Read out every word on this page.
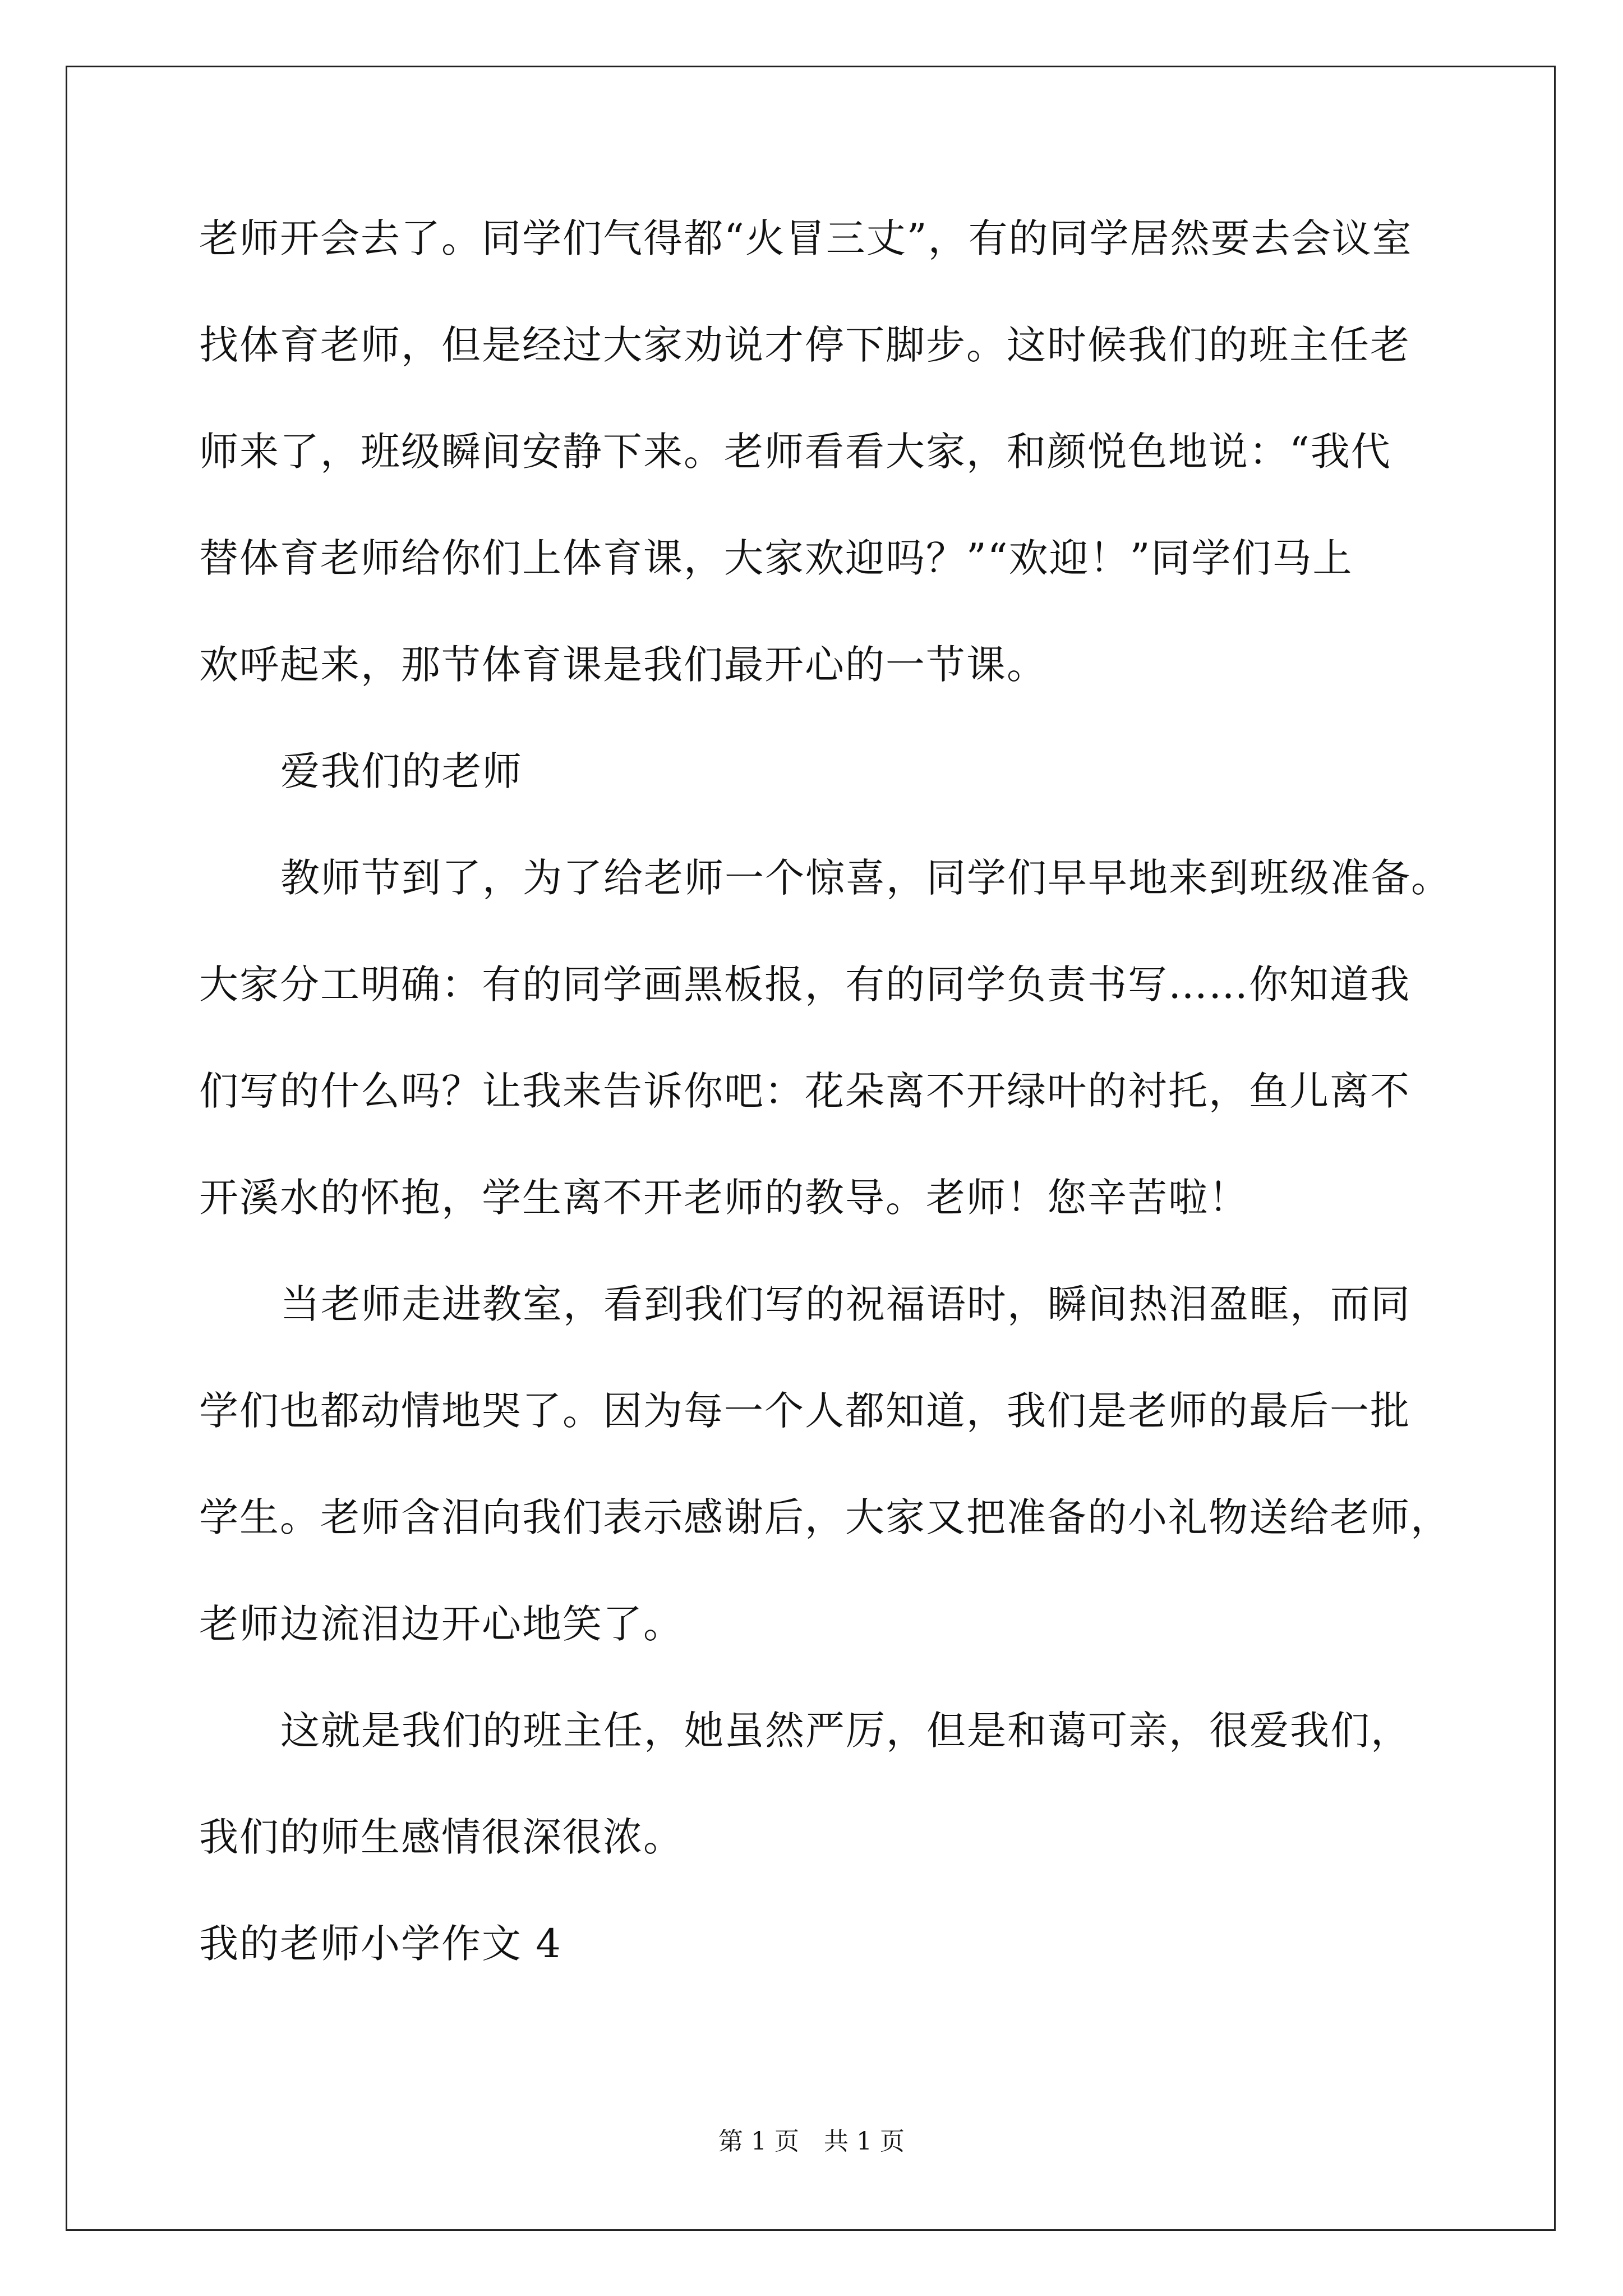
老师开会去了。同学们气得都“火冒三丈”，有的同学居然要去会议室
找体育老师，但是经过大家劝说才停下脚步。这时候我们的班主任老
师来了，班级瞬间安静下来。老师看看大家，和颜悦色地说：“我代
替体育老师给你们上体育课，大家欢迎吗？”“欢迎！”同学们马上
欢呼起来，那节体育课是我们最开心的一节课。
爱我们的老师
教师节到了，为了给老师一个惊喜，同学们早早地来到班级准备。
大家分工明确：有的同学画黑板报，有的同学负责书写……你知道我
们写的什么吗？让我来告诉你吧：花朵离不开绿叶的衬托，鱼儿离不
开溪水的怀抱，学生离不开老师的教导。老师！您辛苦啦！
当老师走进教室，看到我们写的祝福语时，瞬间热泪盈眶，而同
学们也都动情地哭了。因为每一个人都知道，我们是老师的最后一批
学生。老师含泪向我们表示感谢后，大家又把准备的小礼物送给老师，
老师边流泪边开心地笑了。
这就是我们的班主任，她虽然严厉，但是和蔼可亲，很爱我们，
我们的师生感情很深很浓。
我的老师小学作文 4
第 1 页　共 1 页
